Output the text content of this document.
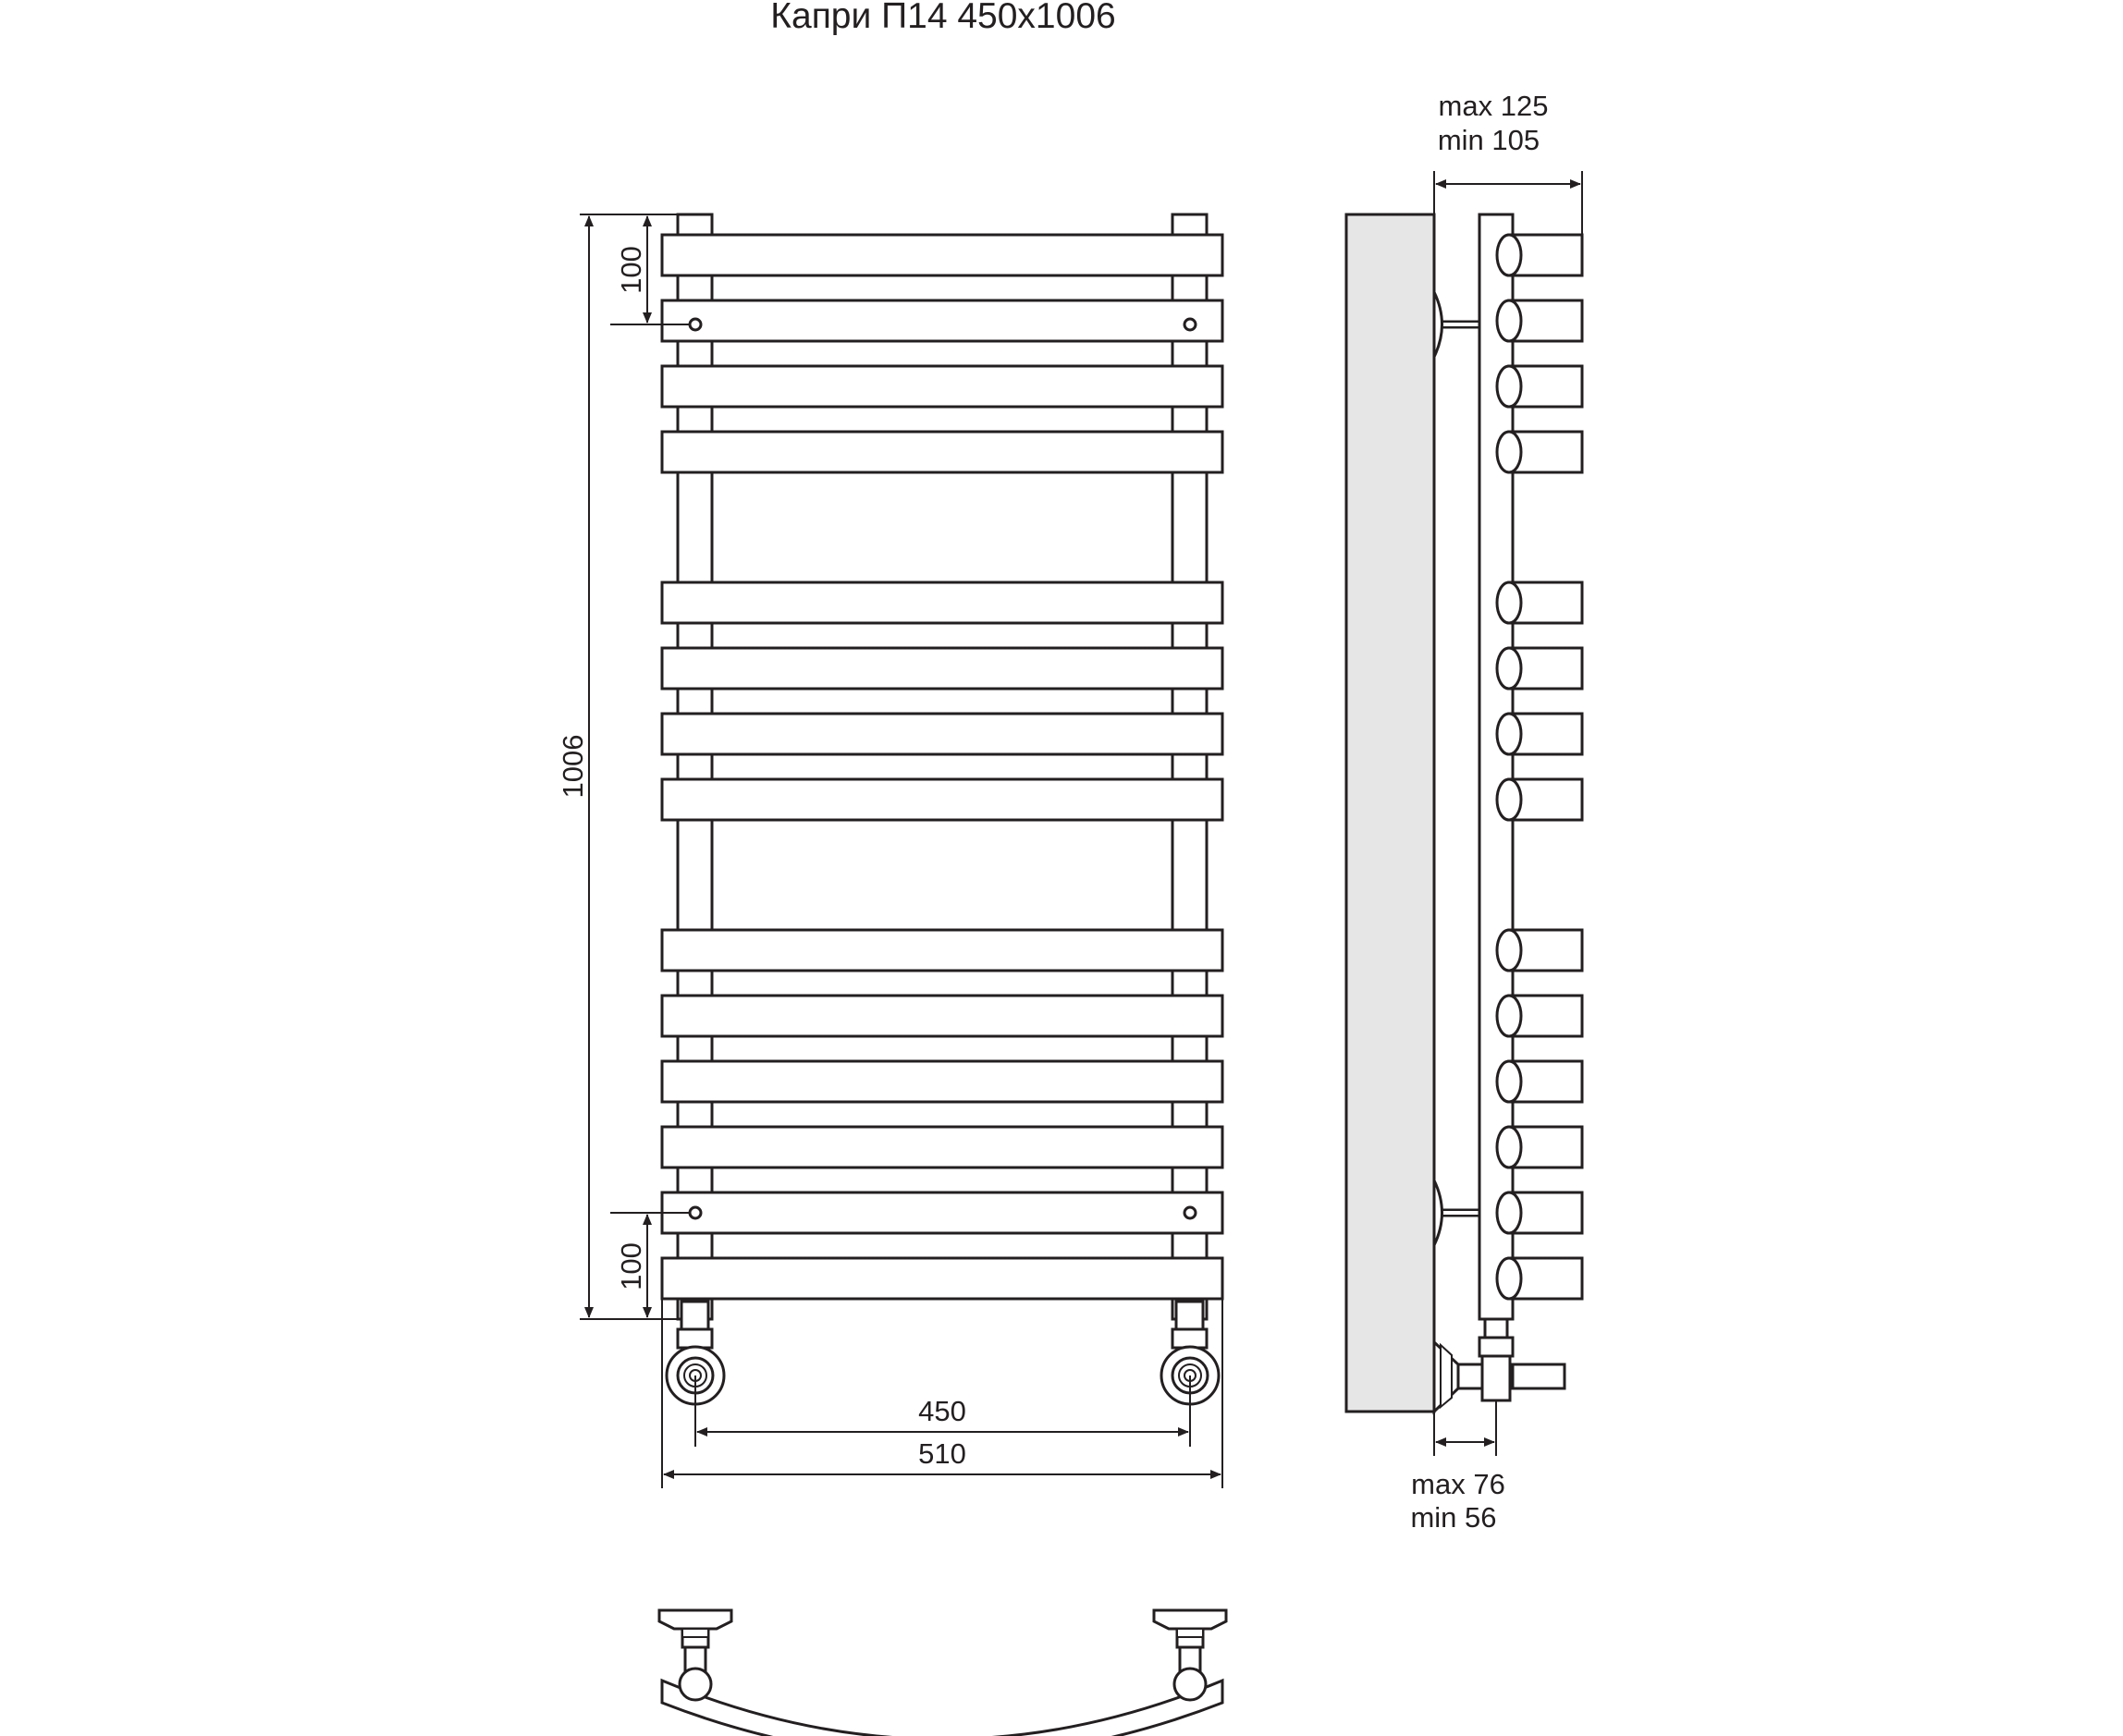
Капри П14 450x1006
1006
100
100
450
510
max 125
min 105
max 76
min 56
